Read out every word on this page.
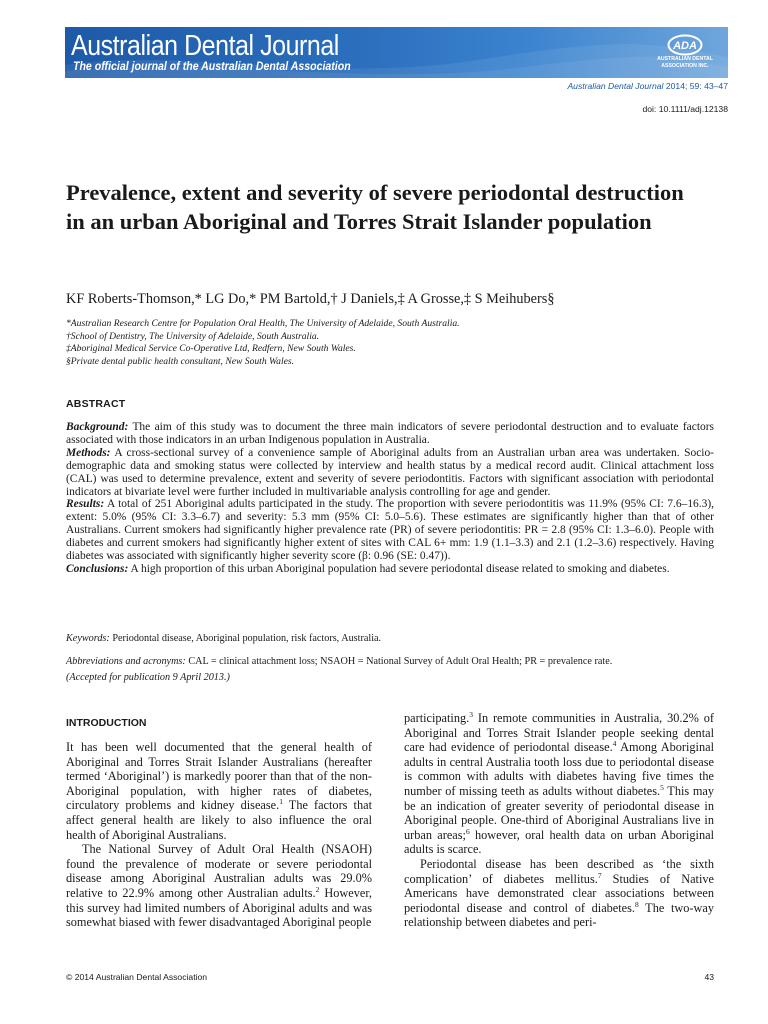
Australian Dental Journal
The official journal of the Australian Dental Association
ADA
AUSTRALIAN DENTAL
ASSOCIATION INC.
Australian Dental Journal 2014; 59: 43–47
doi: 10.1111/adj.12138
Prevalence, extent and severity of severe periodontal destruction in an urban Aboriginal and Torres Strait Islander population
KF Roberts-Thomson,* LG Do,* PM Bartold,† J Daniels,‡ A Grosse,‡ S Meihubers§
*Australian Research Centre for Population Oral Health, The University of Adelaide, South Australia.
†School of Dentistry, The University of Adelaide, South Australia.
‡Aboriginal Medical Service Co-Operative Ltd, Redfern, New South Wales.
§Private dental public health consultant, New South Wales.
ABSTRACT

Background: The aim of this study was to document the three main indicators of severe periodontal destruction and to evaluate factors associated with those indicators in an urban Indigenous population in Australia.

Methods: A cross-sectional survey of a convenience sample of Aboriginal adults from an Australian urban area was undertaken. Socio-demographic data and smoking status were collected by interview and health status by a medical record audit. Clinical attachment loss (CAL) was used to determine prevalence, extent and severity of severe periodontitis. Factors with significant association with periodontal indicators at bivariate level were further included in multivariable analysis controlling for age and gender.

Results: A total of 251 Aboriginal adults participated in the study. The proportion with severe periodontitis was 11.9% (95% CI: 7.6–16.3), extent: 5.0% (95% CI: 3.3–6.7) and severity: 5.3 mm (95% CI: 5.0–5.6). These estimates are significantly higher than that of other Australians. Current smokers had significantly higher prevalence rate (PR) of severe periodontitis: PR = 2.8 (95% CI: 1.3–6.0). People with diabetes and current smokers had significantly higher extent of sites with CAL 6+ mm: 1.9 (1.1–3.3) and 2.1 (1.2–3.6) respectively. Having diabetes was associated with significantly higher severity score (β: 0.96 (SE: 0.47)).

Conclusions: A high proportion of this urban Aboriginal population had severe periodontal disease related to smoking and diabetes.

Keywords: Periodontal disease, Aboriginal population, risk factors, Australia.
Abbreviations and acronyms: CAL = clinical attachment loss; NSAOH = National Survey of Adult Oral Health; PR = prevalence rate.
(Accepted for publication 9 April 2013.)
INTRODUCTION

It has been well documented that the general health of Aboriginal and Torres Strait Islander Australians (hereafter termed ‘Aboriginal’) is markedly poorer than that of the non-Aboriginal population, with higher rates of diabetes, circulatory problems and kidney disease.$^1$ The factors that affect general health are likely to also influence the oral health of Aboriginal Australians.

The National Survey of Adult Oral Health (NSAOH) found the prevalence of moderate or severe periodontal disease among Aboriginal Australian adults was 29.0% relative to 22.9% among other Australian adults.$^2$ However, this survey had limited numbers of Aboriginal adults and was somewhat biased with fewer disadvantaged Aboriginal people

participating.$^3$ In remote communities in Australia, 30.2% of Aboriginal and Torres Strait Islander people seeking dental care had evidence of periodontal disease.$^4$ Among Aboriginal adults in central Australia tooth loss due to periodontal disease is common with adults with diabetes having five times the number of missing teeth as adults without diabetes.$^5$ This may be an indication of greater severity of periodontal disease in Aboriginal people. One-third of Aboriginal Australians live in urban areas;$^6$ however, oral health data on urban Aboriginal adults is scarce.

Periodontal disease has been described as ‘the sixth complication’ of diabetes mellitus.$^7$ Studies of Native Americans have demonstrated clear associations between periodontal disease and control of diabetes.$^8$ The two-way relationship between diabetes and peri-

© 2014 Australian Dental Association	43
